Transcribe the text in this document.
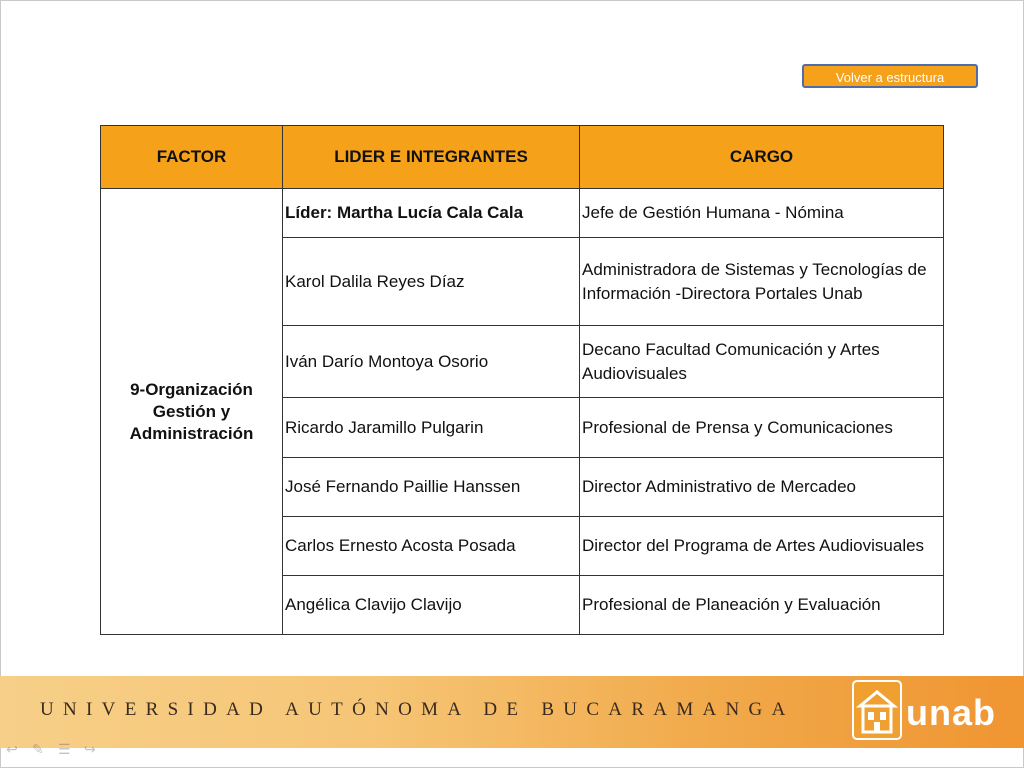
Volver a estructura
FACTOR	LIDER E INTEGRANTES	CARGO

9-Organización
Gestión y
Administración	Líder: Martha Lucía Cala Cala	Jefe de Gestión Humana - Nómina
	Karol Dalila Reyes Díaz	Administradora de Sistemas y Tecnologías de Información -Directora Portales Unab
	Iván Darío Montoya Osorio	Decano Facultad Comunicación y Artes Audiovisuales
	Ricardo Jaramillo Pulgarin	Profesional de Prensa y Comunicaciones
	José Fernando Paillie Hanssen	Director Administrativo de Mercadeo
	Carlos Ernesto Acosta Posada	Director del Programa de Artes Audiovisuales
	Angélica Clavijo Clavijo	Profesional de Planeación y Evaluación
UNIVERSIDAD AUTÓNOMA DE BUCARAMANGA	unab
↩	✎	☰ ↪
